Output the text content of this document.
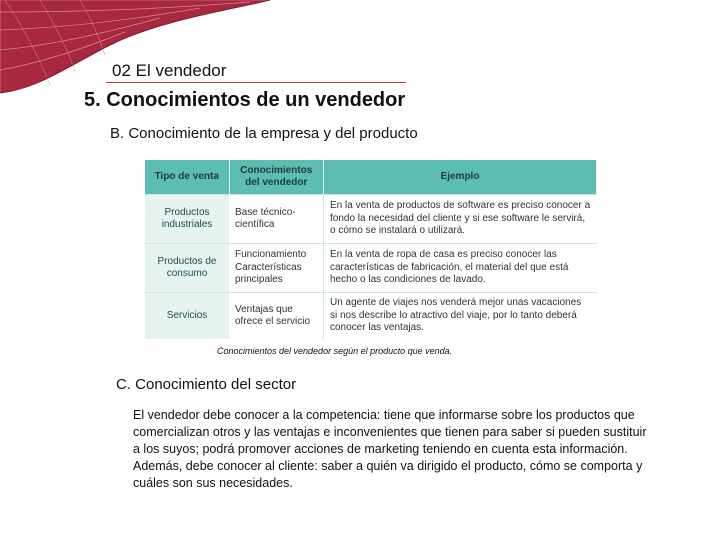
02 El vendedor
5. Conocimientos de un vendedor
B. Conocimiento de la empresa y del producto
Tipo de venta	Conocimientos del vendedor	Ejemplo
Productos industriales	Base técnico-científica	En la venta de productos de software es preciso conocer a fondo la necesidad del cliente y si ese software le servirá, o cómo se instalará o utilizará.
Productos de consumo	Funcionamiento Características principales	En la venta de ropa de casa es preciso conocer las características de fabricación, el material del que está hecho o las condiciones de lavado.
Servicios	Ventajas que ofrece el servicio	Un agente de viajes nos venderá mejor unas vacaciones si nos describe lo atractivo del viaje, por lo tanto deberá conocer las ventajas.
Conocimientos del vendedor según el producto que venda.
C. Conocimiento del sector

El vendedor debe conocer a la competencia: tiene que informarse sobre los productos que comercializan otros y las ventajas e inconvenientes que tienen para saber si pueden sustituir a los suyos; podrá promover acciones de marketing teniendo en cuenta esta información.

Además, debe conocer al cliente: saber a quién va dirigido el producto, cómo se comporta y cuáles son sus necesidades.
